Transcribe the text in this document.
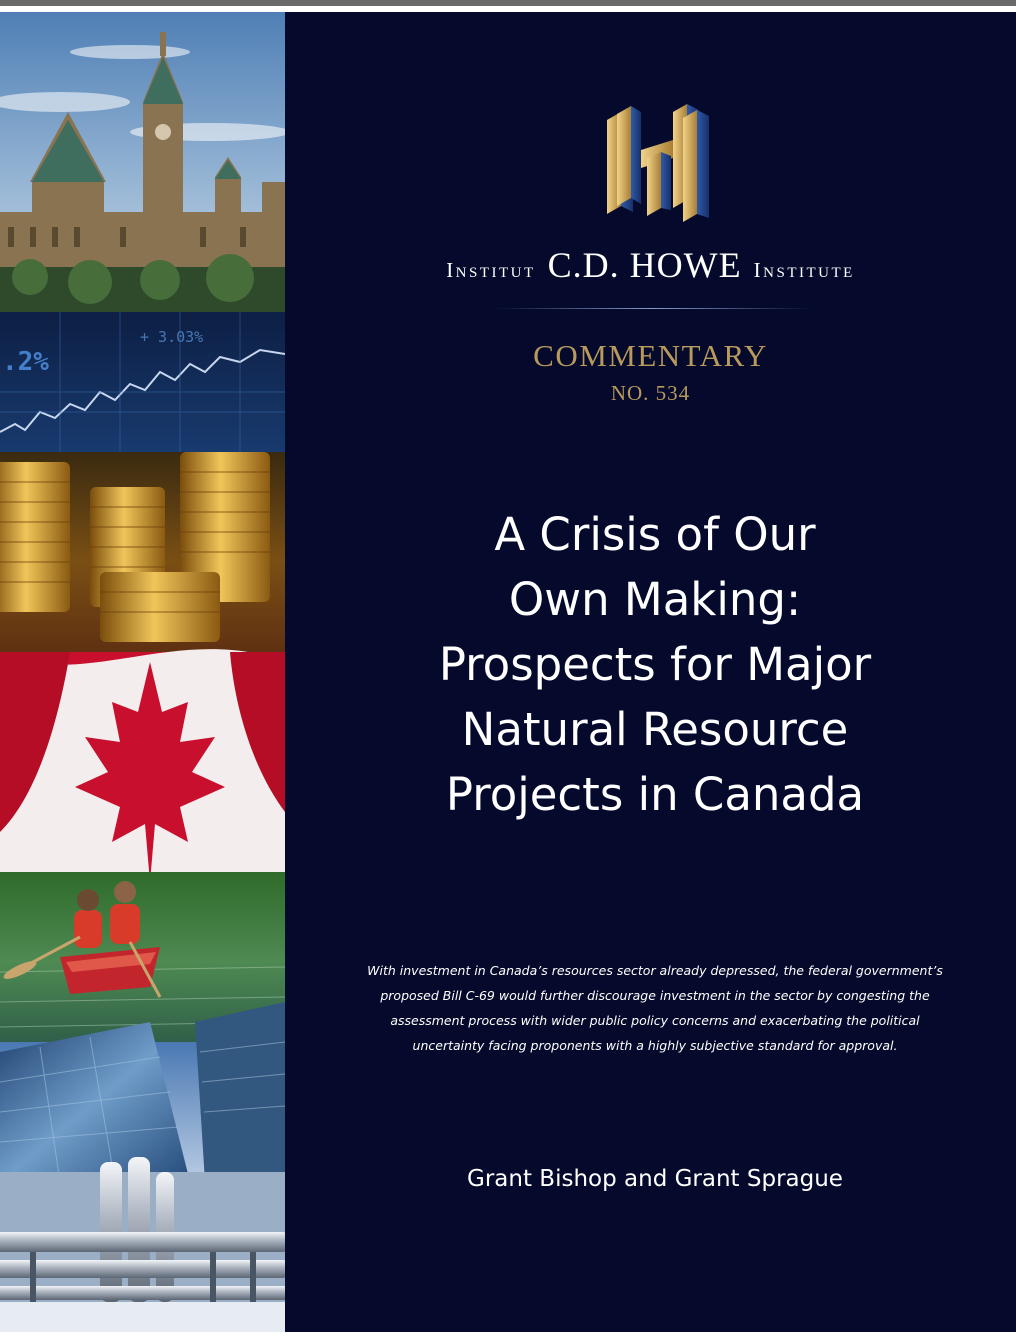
.2%
+ 3.03%
Institut C.D. HOWE Institute
COMMENTARY
NO. 534
A Crisis of Our
Own Making:
Prospects for Major
Natural Resource
Projects in Canada

With investment in Canada’s resources sector already depressed, the federal government’s
proposed Bill C-69 would further discourage investment in the sector by congesting the
assessment process with wider public policy concerns and exacerbating the political
uncertainty facing proponents with a highly subjective standard for approval.

Grant Bishop and Grant Sprague
